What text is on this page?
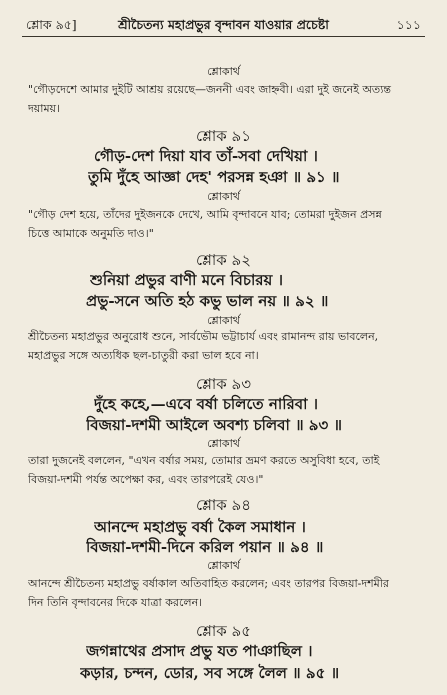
শ্লোক ৯৫]	শ্রীচৈতন্য মহাপ্রভুর বৃন্দাবন যাওয়ার প্রচেষ্টা	১১১
শ্লোকার্থ
"গৌড়দেশে আমার দুইটি আশ্রয় রয়েছে—জননী এবং জাহ্নবী। এরা দুই জনেই অত্যন্ত
দয়াময়।
শ্লোক ৯১
গৌড়-দেশ দিয়া যাব তাঁ-সবা দেখিয়া ।
তুমি দুঁহে আজ্ঞা দেহ' পরসন্ন হঞা ॥ ৯১ ॥
শ্লোকার্থ
"গৌড় দেশ হয়ে, তাঁদের দুইজনকে দেখে, আমি বৃন্দাবনে যাব; তোমরা দুইজন প্রসন্ন
চিত্তে আমাকে অনুমতি দাও।"
শ্লোক ৯২
শুনিয়া প্রভুর বাণী মনে বিচারয় ।
প্রভু-সনে অতি হঠ কভু ভাল নয় ॥ ৯২ ॥
শ্লোকার্থ
শ্রীচৈতন্য মহাপ্রভুর অনুরোধ শুনে, সার্বভৌম ভট্টাচার্য এবং রামানন্দ রায় ভাবলেন,
মহাপ্রভুর সঙ্গে অত্যধিক ছল-চাতুরী করা ভাল হবে না।
শ্লোক ৯৩
দুঁহে কহে,—এবে বর্ষা চলিতে নারিবা ।
বিজয়া-দশমী আইলে অবশ্য চলিবা ॥ ৯৩ ॥
শ্লোকার্থ
তারা দুজনেই বললেন, "এখন বর্ষার সময়, তোমার ভ্রমণ করতে অসুবিধা হবে, তাই
বিজয়া-দশমী পর্যন্ত অপেক্ষা কর, এবং তারপরেই যেও।"
শ্লোক ৯৪
আনন্দে মহাপ্রভু বর্ষা কৈল সমাধান ।
বিজয়া-দশমী-দিনে করিল পয়ান ॥ ৯৪ ॥
শ্লোকার্থ
আনন্দে শ্রীচৈতন্য মহাপ্রভু বর্ষাকাল অতিবাহিত করলেন; এবং তারপর বিজয়া-দশমীর
দিন তিনি বৃন্দাবনের দিকে যাত্রা করলেন।
শ্লোক ৯৫
জগন্নাথের প্রসাদ প্রভু যত পাঞাছিল ।
কড়ার, চন্দন, ডোর, সব সঙ্গে লৈল ॥ ৯৫ ॥
